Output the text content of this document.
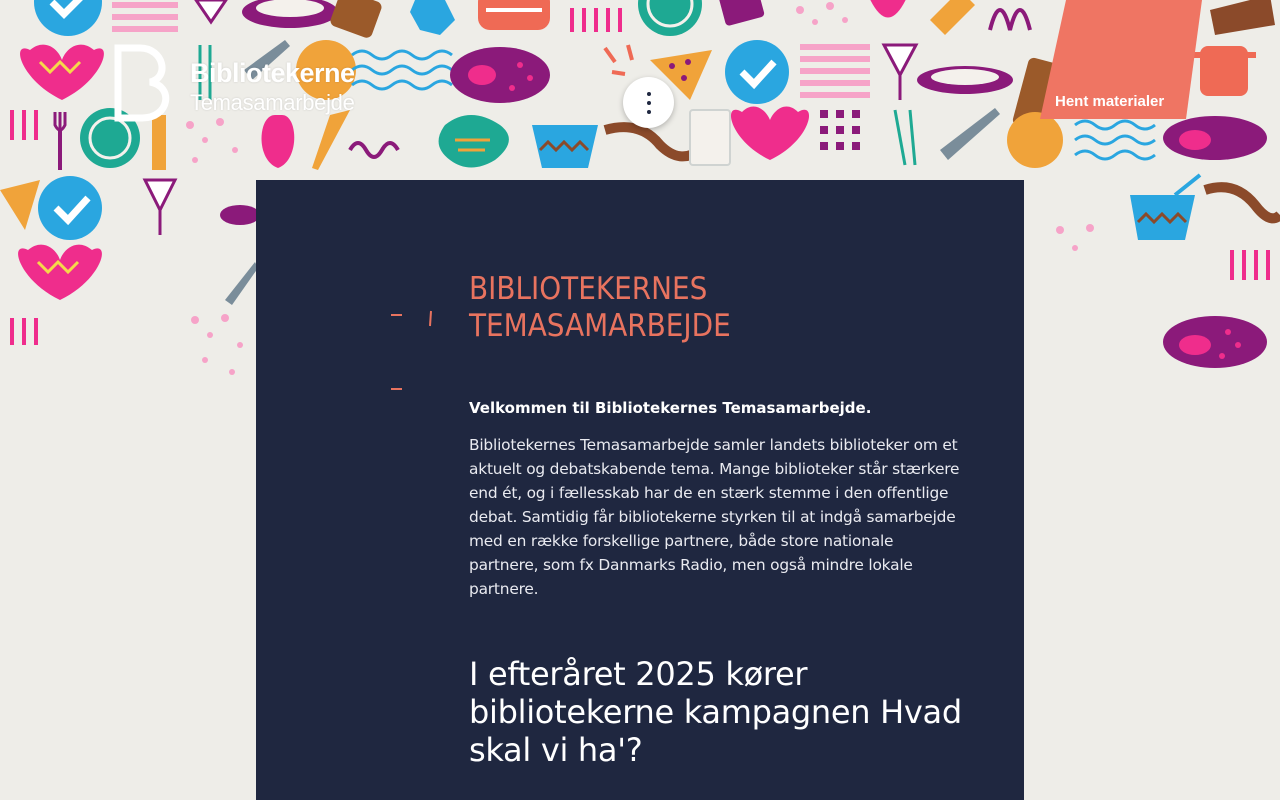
Bibliotekerne
Temasamarbejde	Hent materialer
BIBLIOTEKERNES TEMASAMARBEJDE

Velkommen til Bibliotekernes Temasamarbejde.

Bibliotekernes Temasamarbejde samler landets biblioteker om et aktuelt og debatskabende tema. Mange biblioteker står stærkere end ét, og i fællesskab har de en stærk stemme i den offentlige debat. Samtidig får bibliotekerne styrken til at indgå samarbejde med en række forskellige partnere, både store nationale partnere, som fx Danmarks Radio, men også mindre lokale partnere.

I efteråret 2025 kører bibliotekerne kampagnen Hvad skal vi ha'?
